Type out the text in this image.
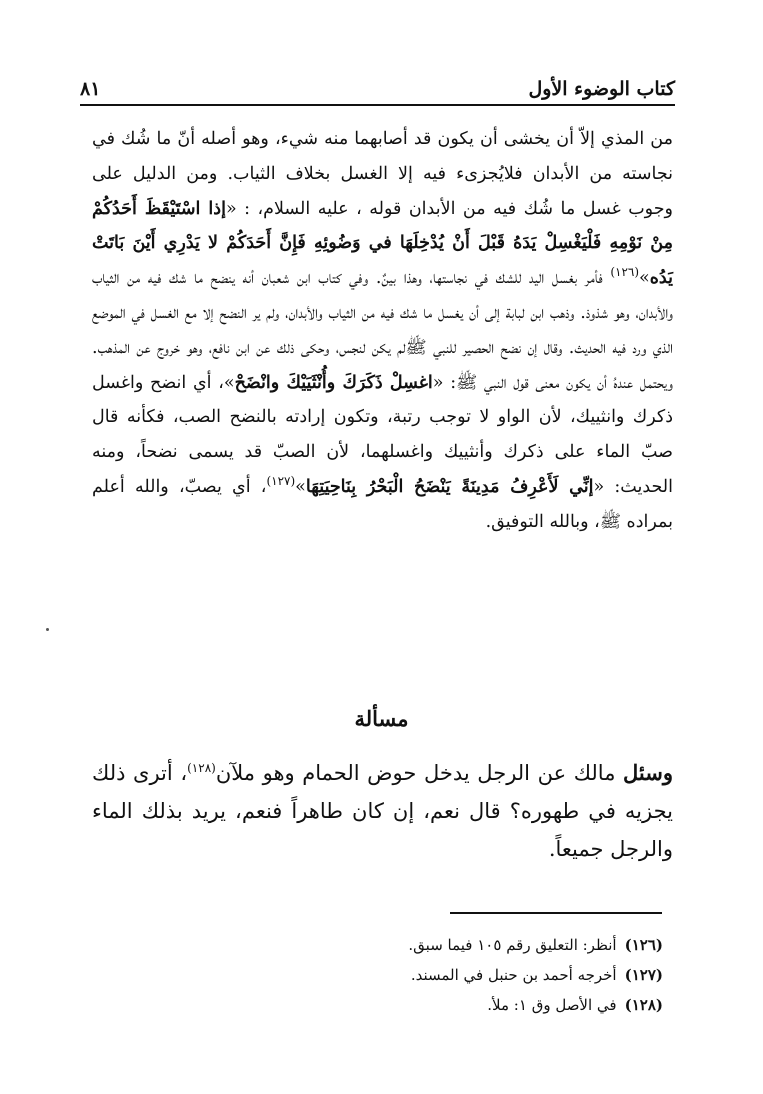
كتاب الوضوء الأول
٨١

من المذي إلاّ أن يخشى أن يكون قد أصابهما منه شيء، وهو أصله أنّ ما شُك في نجاسته من الأبدان فلايُجزىء فيه إلا الغسل بخلاف الثياب. ومن الدليل على وجوب غسل ما شُك فيه من الأبدان قوله ، عليه السلام، : «إذا اسْتَيْقَظَ أَحَدُكُمْ مِنْ نَوْمِهِ فَلْيَغْسِلْ يَدَهُ قَبْلَ أَنْ يُدْخِلَهَا في وَضُوئِهِ فَإِنَّ أَحَدَكُمْ لا يَدْرِي أَيْنَ بَاتَتْ يَدُه»$^{(١٢٦)}$ فأمر بغسل اليد للشك في نجاستها، وهذا بينٌ. وفي كتاب ابن شعبان أنه ينضح ما شك فيه من الثياب والأبدان، وهو شذوذ. وذهب ابن لبابة إلى أن يغسل ما شك فيه من الثياب والأبدان، ولم ير النضح إلا مع الغسل في الموضع الذي ورد فيه الحديث. وقال إن نضح الحصير للنبي ﷺلم يكن لنجس، وحكى ذلك عن ابن نافع، وهو خروج عن المذهب. ويحتمل عندهُ أن يكون معنى قول النبي ﷺ: «اغسِلْ ذَكَرَكَ وأُنْثَيَيْكَ وانْضَحْ»، أي انضح واغسل ذكرك وانثييك، لأن الواو لا توجب رتبة، وتكون إرادته بالنضح الصب، فكأنه قال صبّ الماء على ذكرك وأنثييك واغسلهما، لأن الصبّ قد يسمى نضحاً، ومنه الحديث: «إنِّي لَأَعْرِفُ مَدِينَةً يَنْضَحُ الْبَحْرُ بِنَاحِيَتِهَا»$^{(١٢٧)}$، أي يصبّ، والله أعلم بمراده ﷺ، وبالله التوفيق.

مسألة

وسئل مالك عن الرجل يدخل حوض الحمام وهو ملآن$^{(١٢٨)}$، أترى ذلك يجزيه في طهوره؟ قال نعم، إن كان طاهراً فنعم، يريد بذلك الماء والرجل جميعاً.

(١٢٦)
أنظر: التعليق رقم ١٠٥ فيما سبق.
(١٢٧)
أخرجه أحمد بن حنبل في المسند.
(١٢٨)
في الأصل وق ١: ملأ.
